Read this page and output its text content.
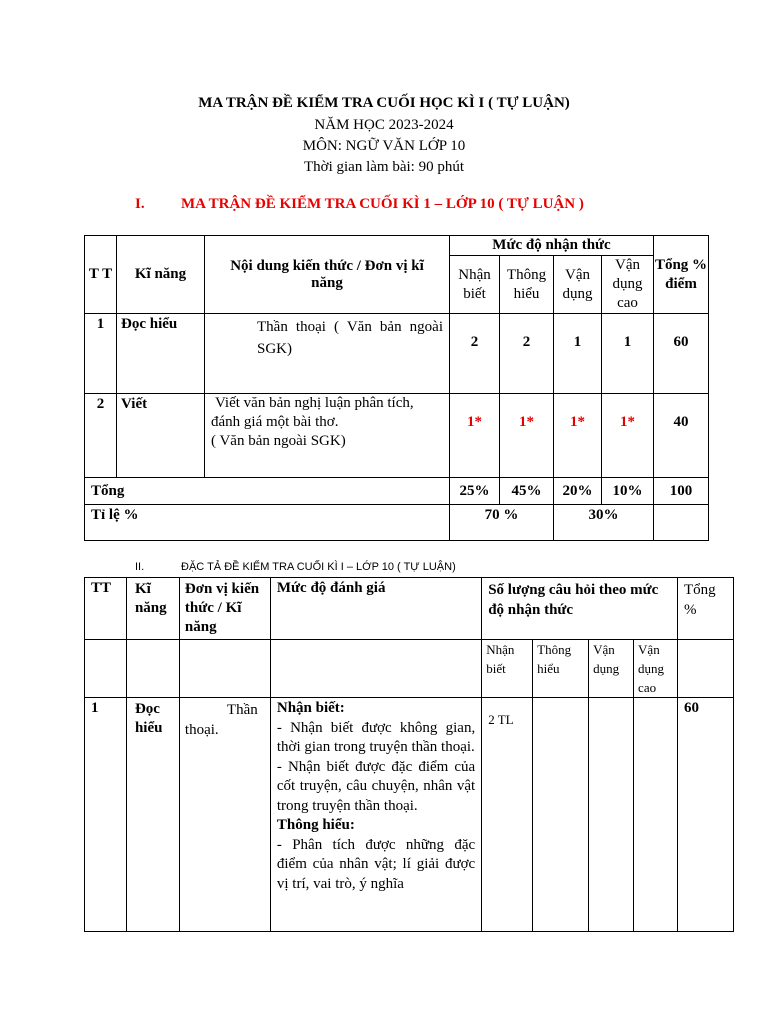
MA TRẬN ĐỀ KIỂM TRA CUỐI HỌC KÌ I ( TỰ LUẬN)
NĂM HỌC 2023-2024
MÔN: NGỮ VĂN LỚP 10
Thời gian làm bài: 90 phút
I. MA TRẬN ĐỀ KIỂM TRA CUỐI KÌ 1 – LỚP 10 ( TỰ LUẬN )
T T	Kĩ năng	Nội dung kiến thức / Đơn vị kĩ năng	Mức độ nhận thức				Tổng % điểm
			Nhận biết	Thông hiểu	Vận dụng	Vận dụng cao	
1	Đọc hiểu	Thần thoại ( Văn bản ngoài SGK)	2	2	1	1	60
2	Viết	Viết văn bản nghị luận phân tích, đánh giá một bài thơ.
( Văn bản ngoài SGK)	1*	1*	1*	1*	40
Tổng			25%	45%	20%	10%	100
Tỉ lệ %			70 %		30%		
II.	ĐẶC TẢ ĐỀ KIỂM TRA CUỐI KÌ I – LỚP 10 ( TỰ LUẬN)
TT	Kĩ năng	Đơn vị kiến thức / Kĩ năng	Mức độ đánh giá	Số lượng câu hỏi theo mức độ nhận thức				Tổng %
				Nhận biết	Thông hiểu	Vận dụng	Vận dụng cao	
1	Đọc hiểu	Thần thoại.	Nhận biết:
- Nhận biết được không gian, thời gian trong truyện thần thoại.
- Nhận biết được đặc điểm của cốt truyện, câu chuyện, nhân vật trong truyện thần thoại.
Thông hiểu:
- Phân tích được những đặc điểm của nhân vật; lí giải được vị trí, vai trò, ý nghĩa	2 TL				60
